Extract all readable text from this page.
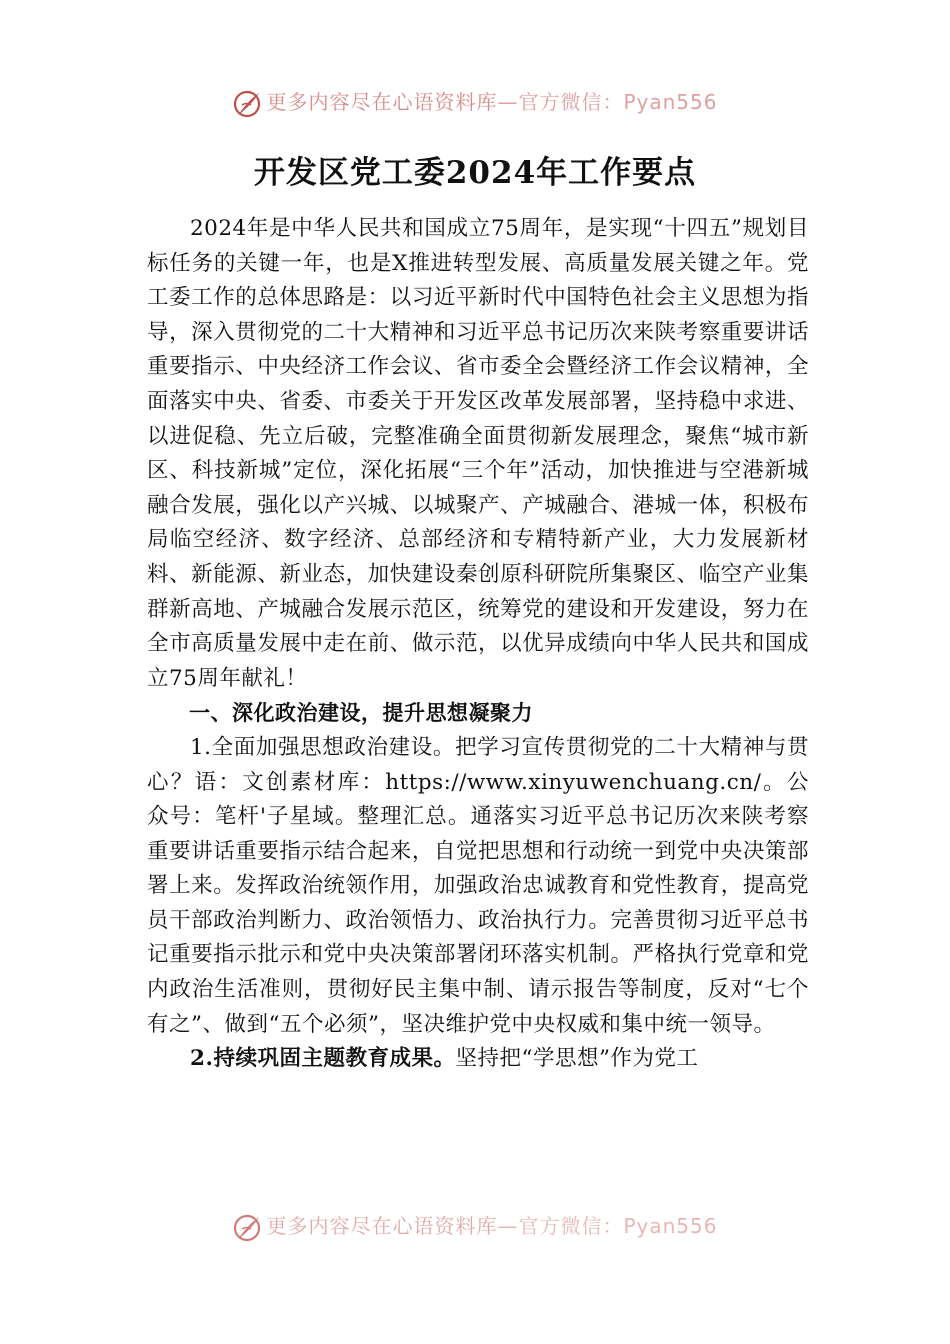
更多内容尽在心语资料库—官方微信：Pyan556
开发区党工委2024年工作要点

2024年是中华人民共和国成立75周年，是实现“十四五”规划目标任务的关键一年，也是X推进转型发展、高质量发展关键之年。党工委工作的总体思路是：以习近平新时代中国特色社会主义思想为指导，深入贯彻党的二十大精神和习近平总书记历次来陕考察重要讲话重要指示、中央经济工作会议、省市委全会暨经济工作会议精神，全面落实中央、省委、市委关于开发区改革发展部署，坚持稳中求进、以进促稳、先立后破，完整准确全面贯彻新发展理念，聚焦“城市新区、科技新城”定位，深化拓展“三个年”活动，加快推进与空港新城融合发展，强化以产兴城、以城聚产、产城融合、港城一体，积极布局临空经济、数字经济、总部经济和专精特新产业，大力发展新材料、新能源、新业态，加快建设秦创原科研院所集聚区、临空产业集群新高地、产城融合发展示范区，统筹党的建设和开发建设，努力在全市高质量发展中走在前、做示范，以优异成绩向中华人民共和国成立75周年献礼！

一、深化政治建设，提升思想凝聚力

1.全面加强思想政治建设。把学习宣传贯彻党的二十大精神与贯心？语：文创素材库：https://www.xinyuwenchuang.cn/。公众号：笔杆'子星域。整理汇总。通落实习近平总书记历次来陕考察重要讲话重要指示结合起来，自觉把思想和行动统一到党中央决策部署上来。发挥政治统领作用，加强政治忠诚教育和党性教育，提高党员干部政治判断力、政治领悟力、政治执行力。完善贯彻习近平总书记重要指示批示和党中央决策部署闭环落实机制。严格执行党章和党内政治生活准则，贯彻好民主集中制、请示报告等制度，反对“七个有之”、做到“五个必须”，坚决维护党中央权威和集中统一领导。

2.持续巩固主题教育成果。坚持把“学思想”作为党工

更多内容尽在心语资料库—官方微信：Pyan556
